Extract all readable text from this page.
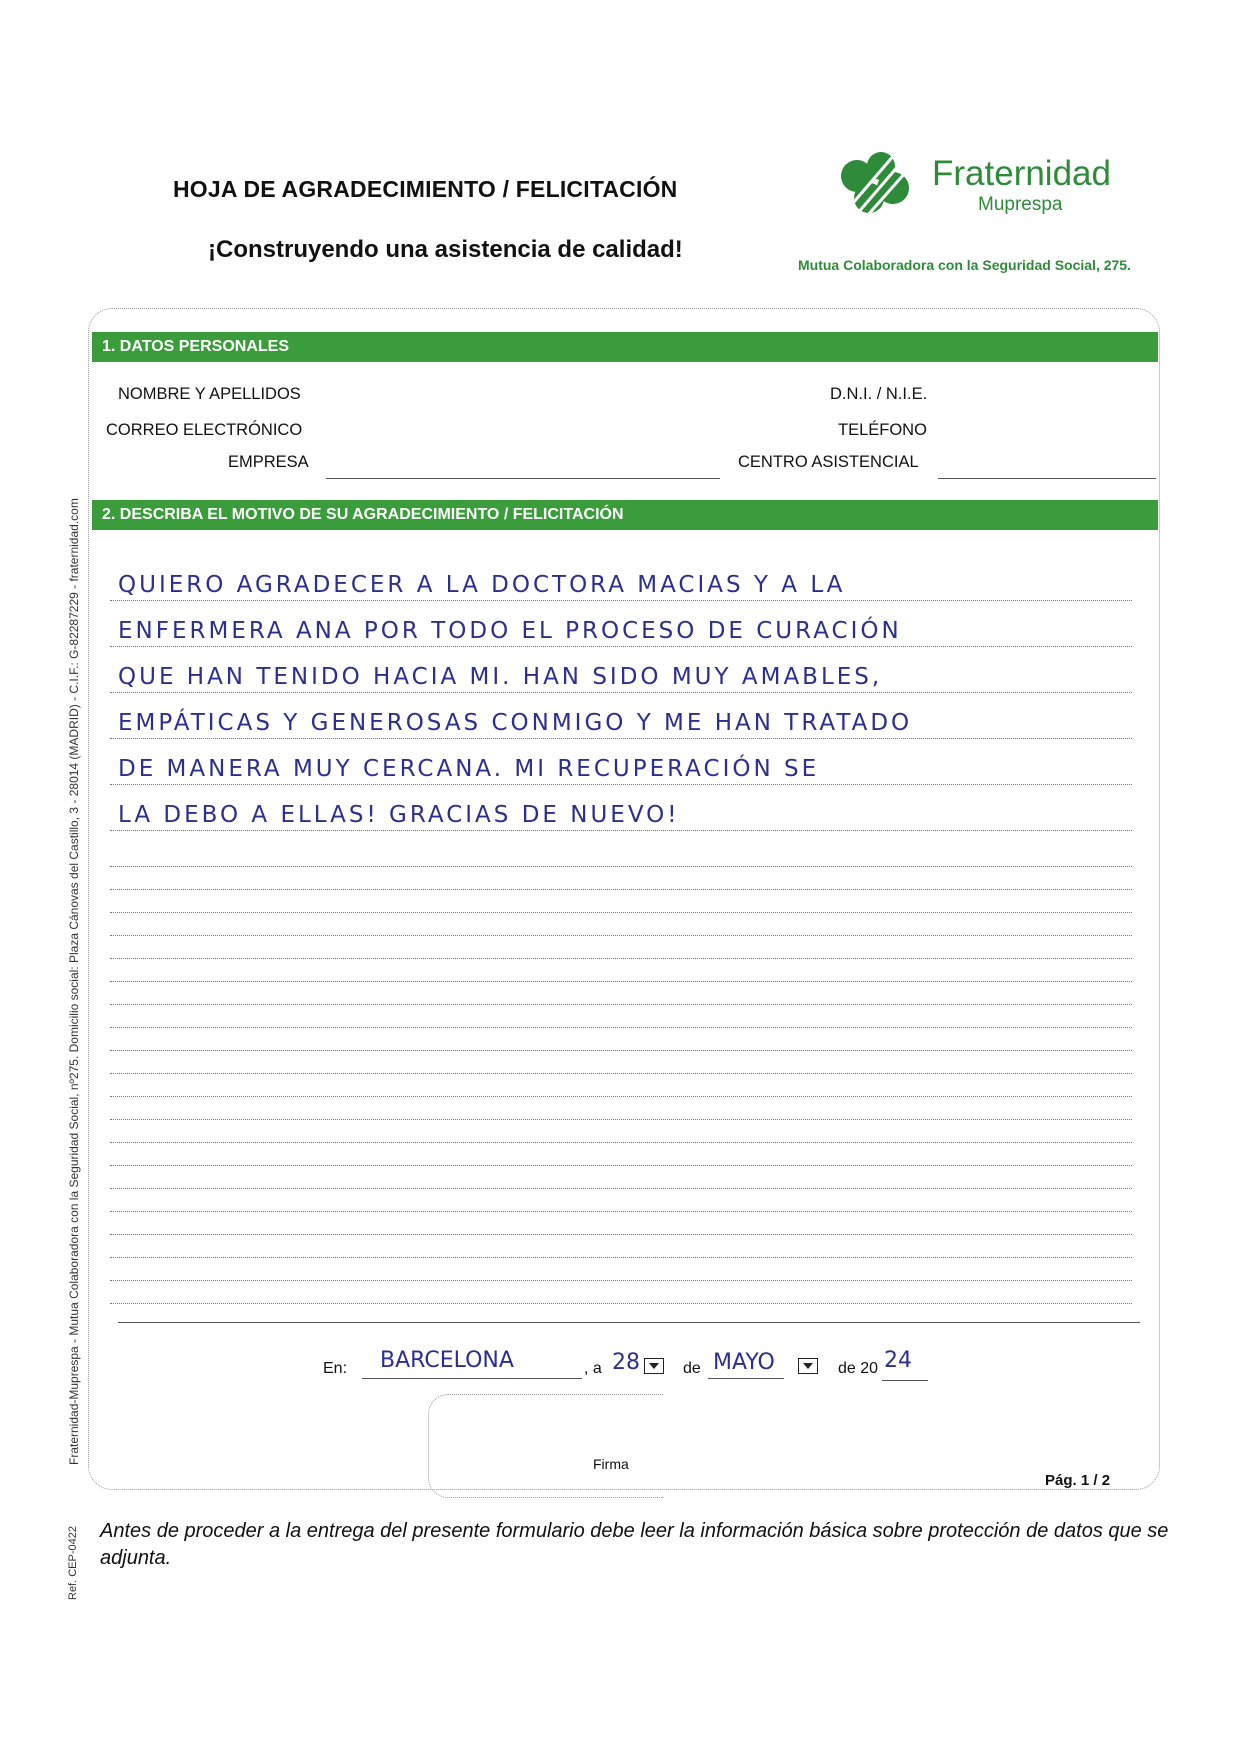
HOJA DE AGRADECIMIENTO / FELICITACIÓN
¡Construyendo una asistencia de calidad!
Fraternidad
Muprespa
Mutua Colaboradora con la Seguridad Social, 275.
1. DATOS PERSONALES
NOMBRE Y APELLIDOS	D.N.I. / N.I.E.
CORREO ELECTRÓNICO	TELÉFONO
EMPRESA	CENTRO ASISTENCIAL
2. DESCRIBA EL MOTIVO DE SU AGRADECIMIENTO / FELICITACIÓN
QUIERO AGRADECER A LA DOCTORA MACIAS Y A LA
ENFERMERA ANA POR TODO EL PROCESO DE CURACIÓN
QUE HAN TENIDO HACIA MI. HAN SIDO MUY AMABLES,
EMPÁTICAS Y GENEROSAS CONMIGO Y ME HAN TRATADO
DE MANERA MUY CERCANA. MI RECUPERACIÓN SE
LA DEBO A ELLAS! GRACIAS DE NUEVO!
En: BARCELONA	, a 28	de MAYO	de 20 24
Firma
Pág. 1 / 2
Antes de proceder a la entrega del presente formulario debe leer la información básica sobre protección de datos que se adjunta.
Fraternidad-Muprespa - Mutua Colaboradora con la Seguridad Social, nº275. Domicilio social: Plaza Cánovas del Castillo, 3 - 28014 (MADRID) - C.I.F.: G-82287229 - fraternidad.com
Ref. CEP-0422
